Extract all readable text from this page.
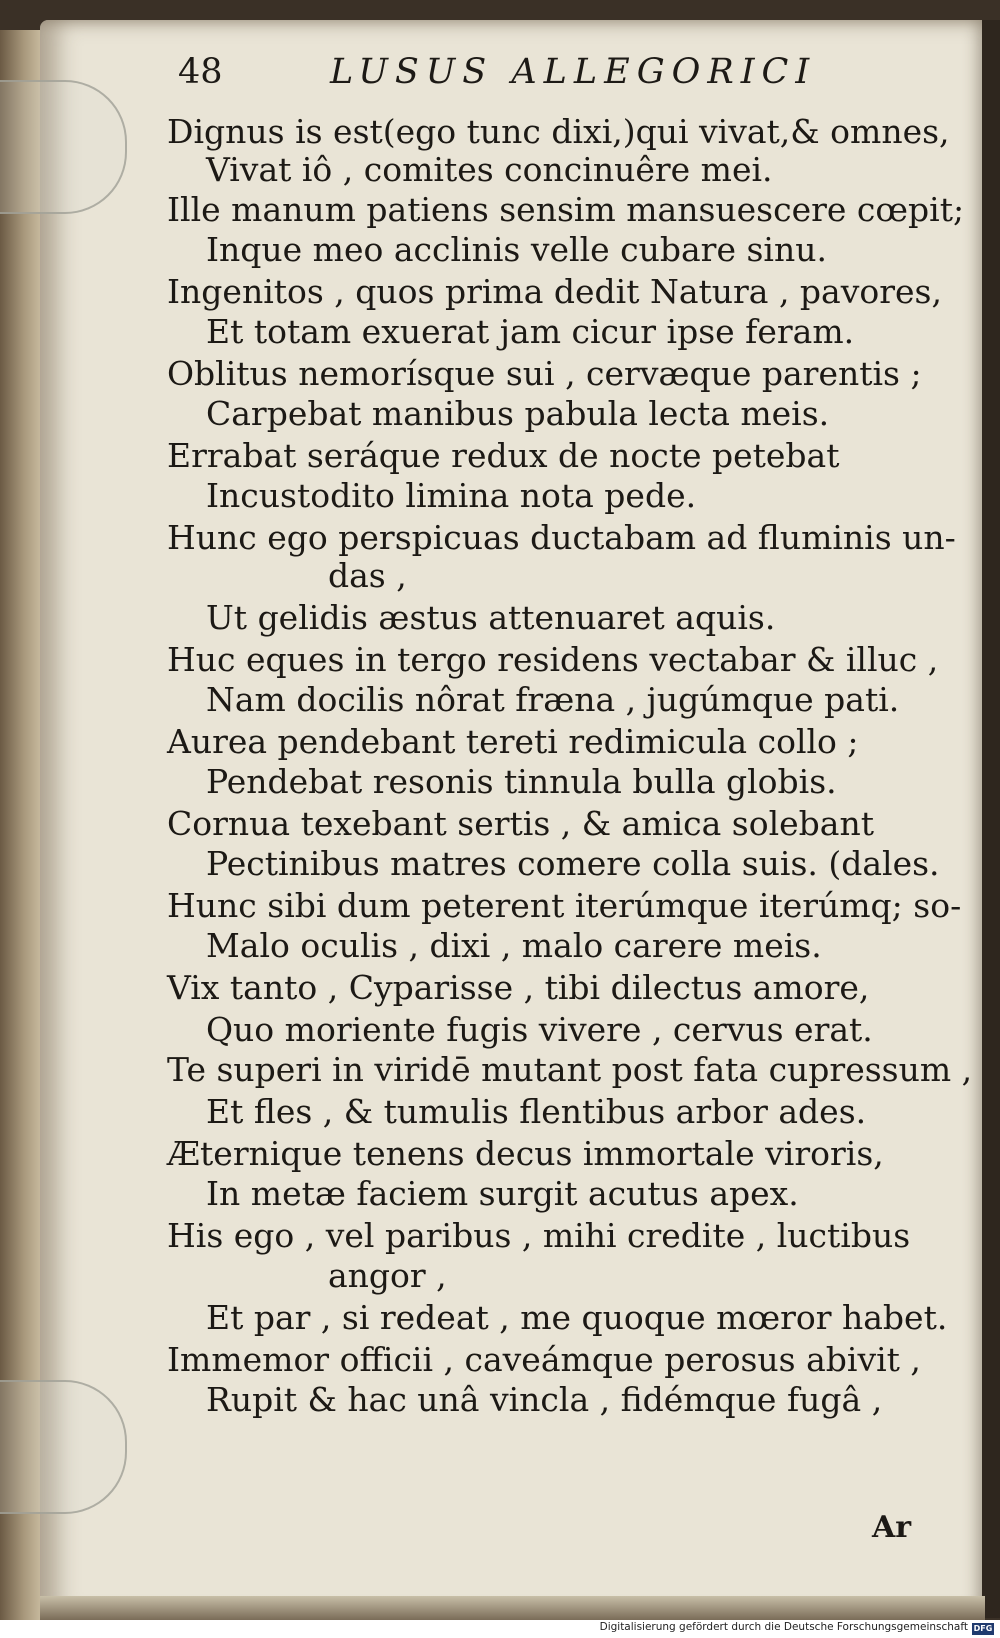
48	LUSUS ALLEGORICI
Dignus is est(ego tunc dixi,)qui vivat,& omnes,
Vivat iô , comites concinuêre mei.
Ille manum patiens sensim mansuescere cœpit;
Inque meo acclinis velle cubare sinu.
Ingenitos , quos prima dedit Natura , pavores,
Et totam exuerat jam cicur ipse feram.
Oblitus nemorísque sui , cervæque parentis ;
Carpebat manibus pabula lecta meis.
Errabat seráque redux de nocte petebat
Incustodito limina nota pede.
Hunc ego perspicuas ductabam ad fluminis un-
das ,
Ut gelidis æstus attenuaret aquis.
Huc eques in tergo residens vectabar & illuc ,
Nam docilis nôrat fræna , jugúmque pati.
Aurea pendebant tereti redimicula collo ;
Pendebat resonis tinnula bulla globis.
Cornua texebant sertis , & amica solebant
Pectinibus matres comere colla suis. (dales.
Hunc sibi dum peterent iterúmque iterúmq; so-
Malo oculis , dixi , malo carere meis.
Vix tanto , Cyparisse , tibi dilectus amore,
Quo moriente fugis vivere , cervus erat.
Te superi in viridē mutant post fata cupressum ,
Et fles , & tumulis flentibus arbor ades.
Æternique tenens decus immortale viroris,
In metæ faciem surgit acutus apex.
His ego , vel paribus , mihi credite , luctibus
angor ,
Et par , si redeat , me quoque mœror habet.
Immemor officii , caveámque perosus abivit ,
Rupit & hac unâ vincla , fidémque fugâ ,
Ar
Digitalisierung gefördert durch die Deutsche Forschungsgemeinschaft DFG
